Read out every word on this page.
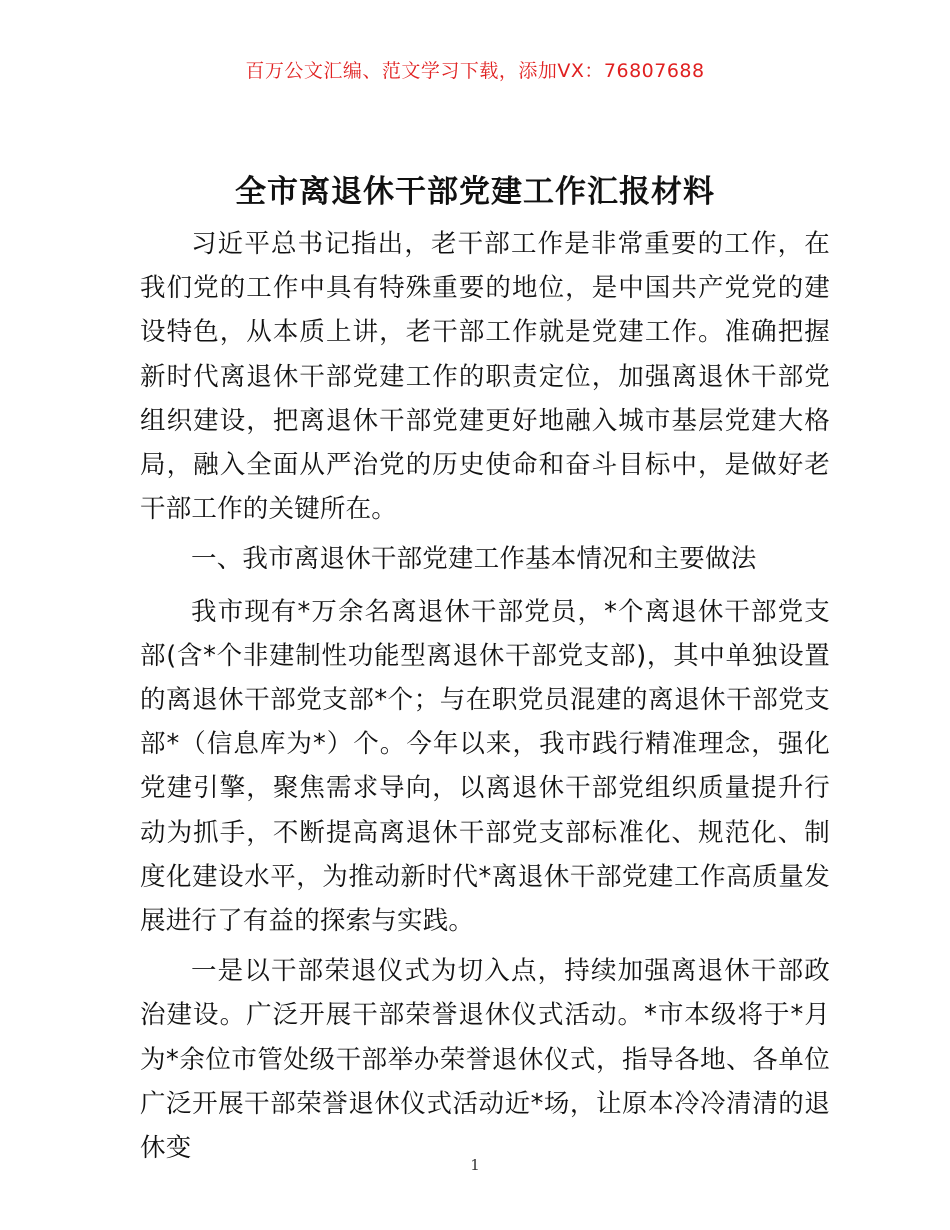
百万公文汇编、范文学习下载，添加VX：76807688
全市离退休干部党建工作汇报材料

习近平总书记指出，老干部工作是非常重要的工作，在我们党的工作中具有特殊重要的地位，是中国共产党党的建设特色，从本质上讲，老干部工作就是党建工作。准确把握新时代离退休干部党建工作的职责定位，加强离退休干部党组织建设，把离退休干部党建更好地融入城市基层党建大格局，融入全面从严治党的历史使命和奋斗目标中，是做好老干部工作的关键所在。

一、我市离退休干部党建工作基本情况和主要做法

我市现有*万余名离退休干部党员，*个离退休干部党支部(含*个非建制性功能型离退休干部党支部)，其中单独设置的离退休干部党支部*个；与在职党员混建的离退休干部党支部*（信息库为*）个。今年以来，我市践行精准理念，强化党建引擎，聚焦需求导向，以离退休干部党组织质量提升行动为抓手，不断提高离退休干部党支部标准化、规范化、制度化建设水平，为推动新时代*离退休干部党建工作高质量发展进行了有益的探索与实践。

一是以干部荣退仪式为切入点，持续加强离退休干部政治建设。广泛开展干部荣誉退休仪式活动。*市本级将于*月为*余位市管处级干部举办荣誉退休仪式，指导各地、各单位广泛开展干部荣誉退休仪式活动近*场，让原本冷冷清清的退休变

1
